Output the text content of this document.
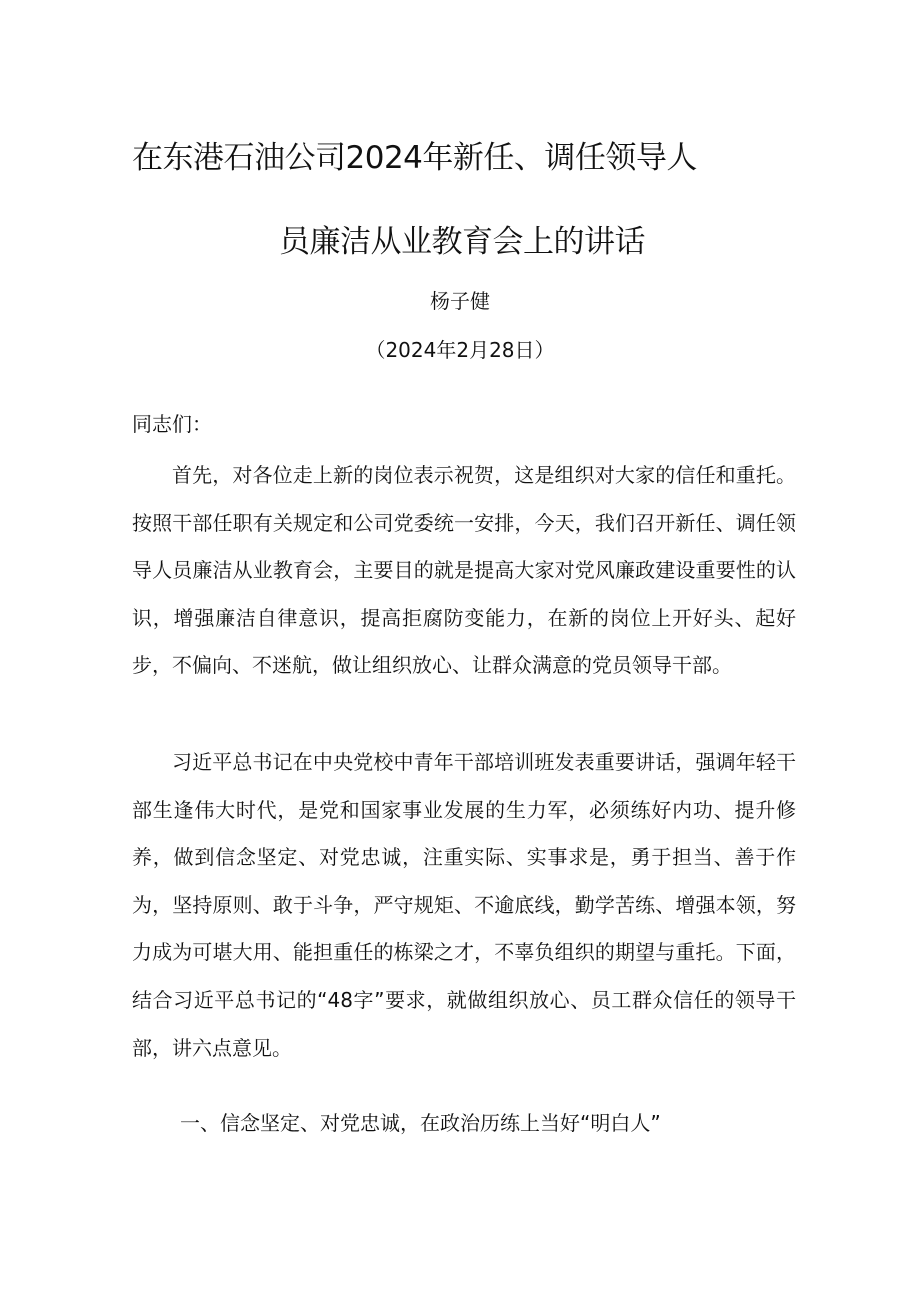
在东港石油公司2024年新任、调任领导人
员廉洁从业教育会上的讲话
杨子健
（2024年2月28日）
同志们：

首先，对各位走上新的岗位表示祝贺，这是组织对大家的信任和重托。按照干部任职有关规定和公司党委统一安排，今天，我们召开新任、调任领导人员廉洁从业教育会，主要目的就是提高大家对党风廉政建设重要性的认识，增强廉洁自律意识，提高拒腐防变能力，在新的岗位上开好头、起好步，不偏向、不迷航，做让组织放心、让群众满意的党员领导干部。

习近平总书记在中央党校中青年干部培训班发表重要讲话，强调年轻干部生逢伟大时代，是党和国家事业发展的生力军，必须练好内功、提升修养，做到信念坚定、对党忠诚，注重实际、实事求是，勇于担当、善于作为，坚持原则、敢于斗争，严守规矩、不逾底线，勤学苦练、增强本领，努力成为可堪大用、能担重任的栋梁之才，不辜负组织的期望与重托。下面，结合习近平总书记的“48字”要求，就做组织放心、员工群众信任的领导干部，讲六点意见。

一、信念坚定、对党忠诚，在政治历练上当好“明白人”
